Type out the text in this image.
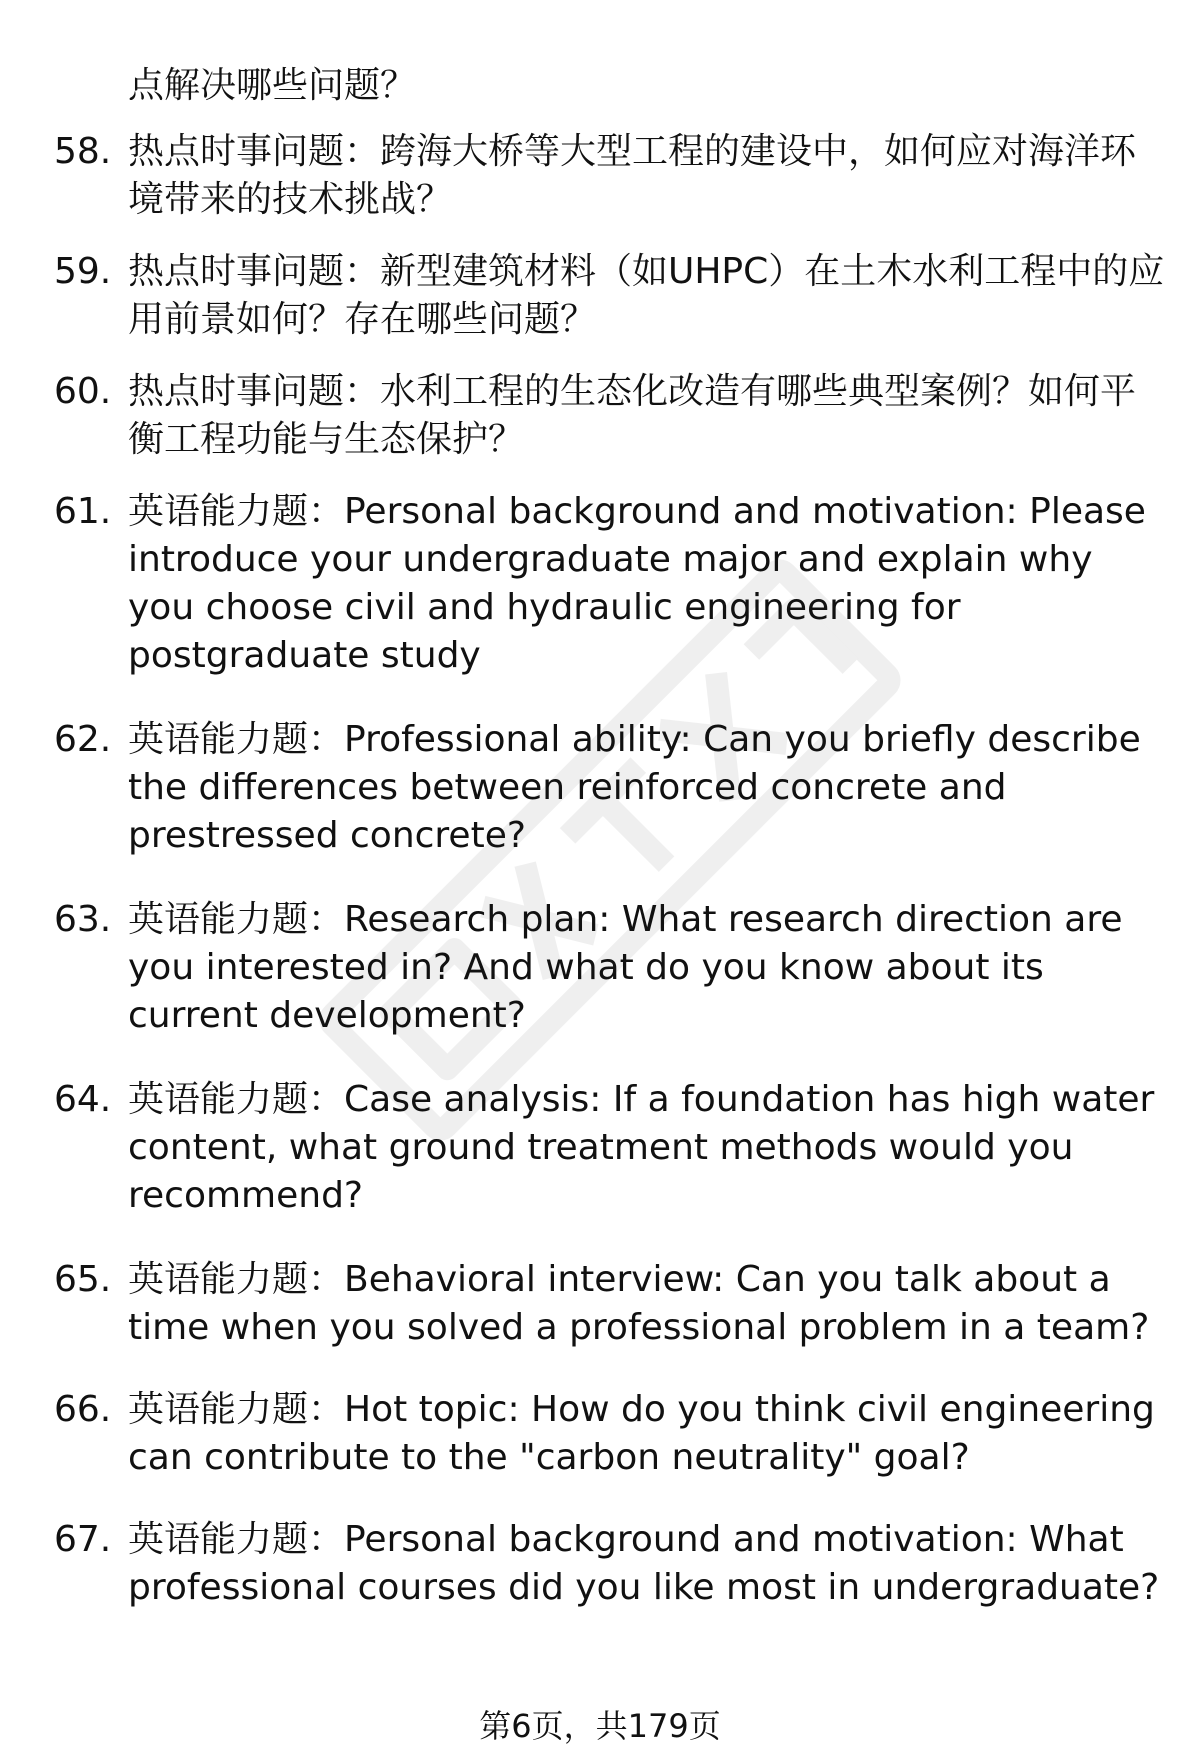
点解决哪些问题？
58. 热点时事问题：跨海大桥等大型工程的建设中，如何应对海洋环境带来的技术挑战？
59. 热点时事问题：新型建筑材料（如UHPC）在土木水利工程中的应用前景如何？存在哪些问题？
60. 热点时事问题：水利工程的生态化改造有哪些典型案例？如何平衡工程功能与生态保护？
61. 英语能力题：Personal background and motivation: Please introduce your undergraduate major and explain why you choose civil and hydraulic engineering for postgraduate study
62. 英语能力题：Professional ability: Can you briefly describe the differences between reinforced concrete and prestressed concrete?
63. 英语能力题：Research plan: What research direction are you interested in? And what do you know about its current development?
64. 英语能力题：Case analysis: If a foundation has high water content, what ground treatment methods would you recommend?
65. 英语能力题：Behavioral interview: Can you talk about a time when you solved a professional problem in a team?
66. 英语能力题：Hot topic: How do you think civil engineering can contribute to the "carbon neutrality" goal?
67. 英语能力题：Personal background and motivation: What professional courses did you like most in undergraduate?
第6页，共179页
